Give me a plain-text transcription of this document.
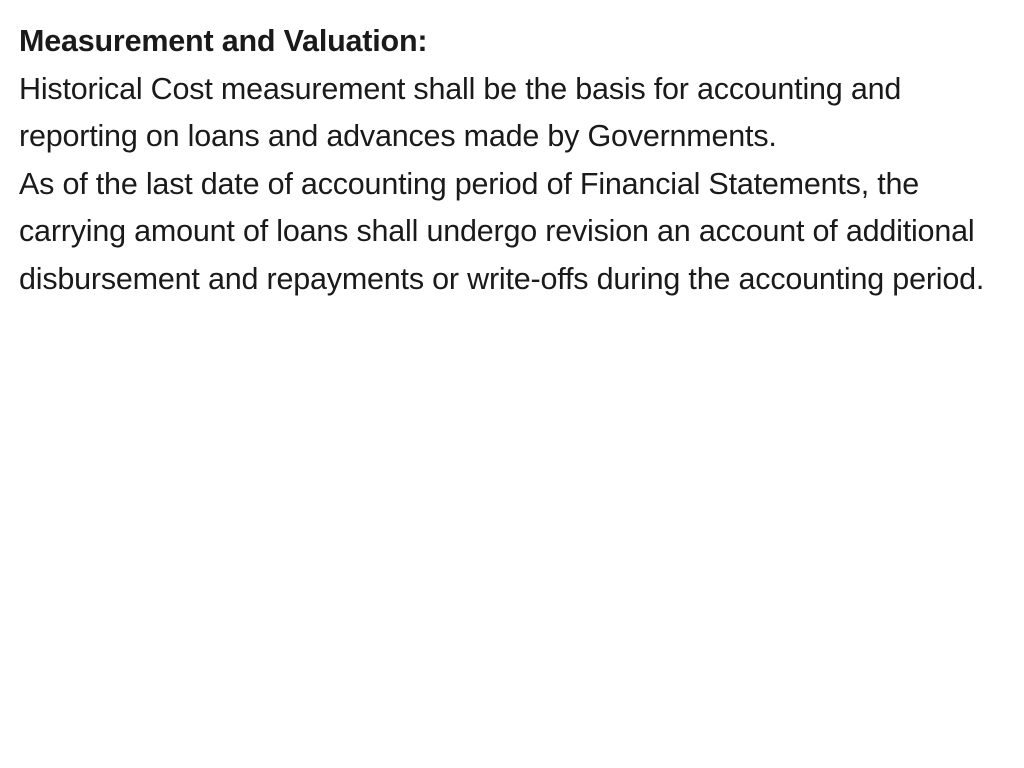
Measurement and Valuation:

Historical Cost measurement shall be the basis for accounting and reporting on loans and advances made by Governments.

As of the last date of accounting period of Financial Statements, the carrying amount of loans shall undergo revision an account of additional disbursement and repayments or write-offs during the accounting period.
